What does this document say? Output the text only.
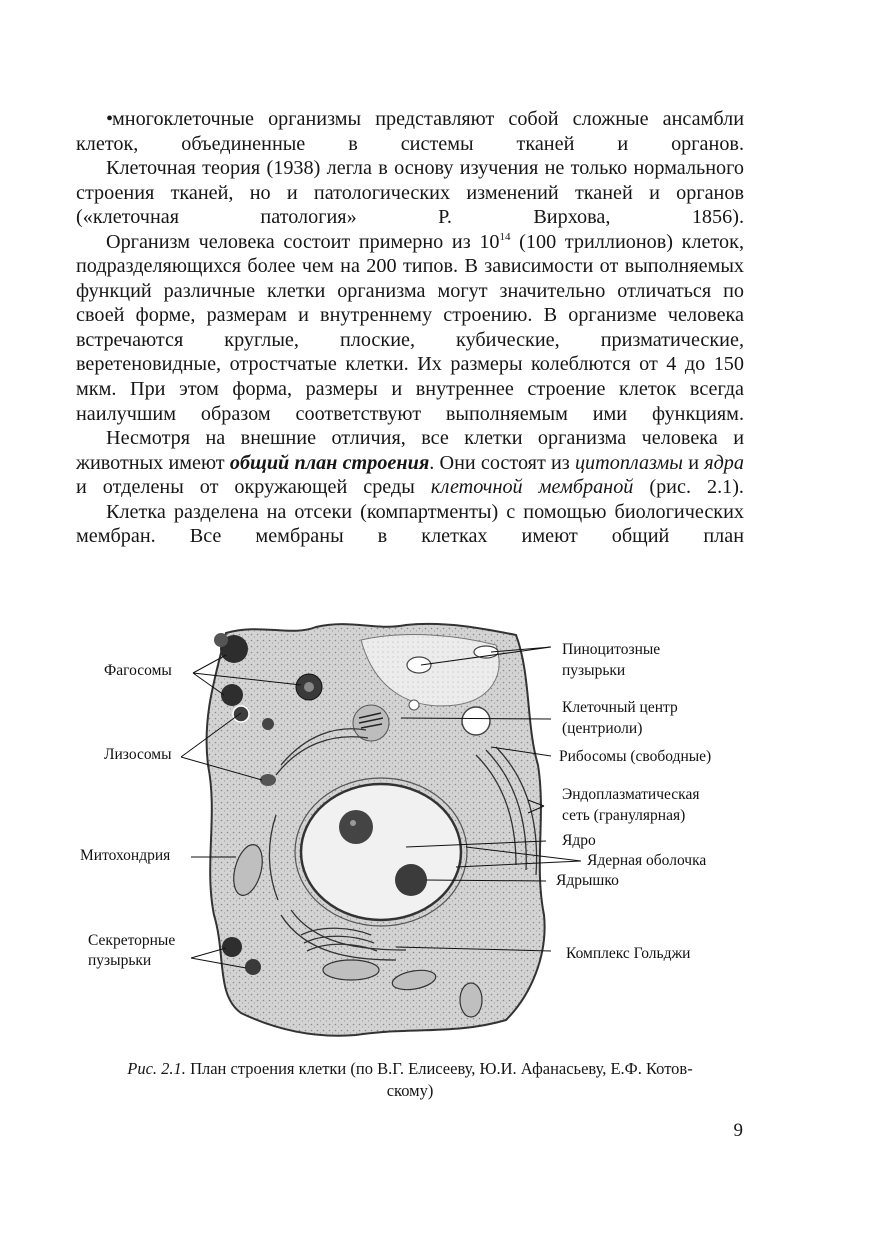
•
многоклеточные организмы представляют собой сложные ансамбли клеток, объединенные в системы тканей и органов.

Клеточная теория (1938) легла в основу изучения не только нормального строения тканей, но и патологических изменений тканей и органов («клеточная патология» Р. Вирхова, 1856).

Организм человека состоит примерно из $10^{14}$ (100 триллионов) клеток, подразделяющихся более чем на 200 типов. В зависимости от выполняемых функций различные клетки организма могут значительно отличаться по своей форме, размерам и внутреннему строению. В организме человека встречаются круглые, плоские, кубические, призматические, веретеновидные, отростчатые клетки. Их размеры колеблются от 4 до 150 мкм. При этом форма, размеры и внутреннее строение клеток всегда наилучшим образом соответствуют выполняемым ими функциям.

Несмотря на внешние отличия, все клетки организма человека и животных имеют общий план строения. Они состоят из цитоплазмы и ядра и отделены от окружающей среды клеточной мембраной (рис. 2.1).

Клетка разделена на отсеки (компартменты) с помощью биологических мембран. Все мембраны в клетках имеют общий план

Фагосомы
Лизосомы
Митохондрия
Секреторные
пузырьки
Пиноцитозные
пузырьки
Клеточный центр
(центриоли)
Рибосомы (свободные)
Эндоплазматическая
сеть (гранулярная)
Ядро
Ядерная оболочка
Ядрышко
Комплекс Гольджи
Рис. 2.1. План строения клетки (по В.Г. Елисееву, Ю.И. Афанасьеву, Е.Ф. Котов-
скому)
9
